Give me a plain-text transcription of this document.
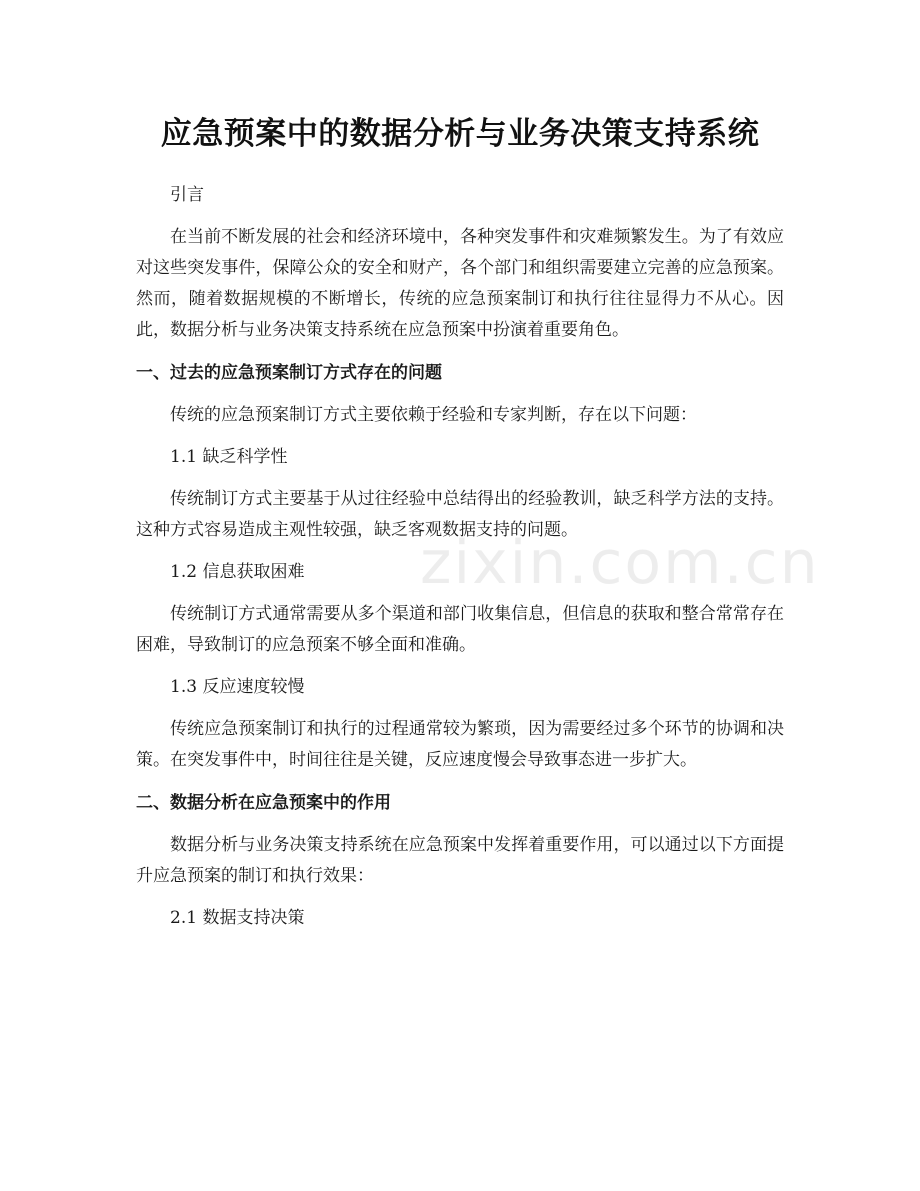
应急预案中的数据分析与业务决策支持系统

引言

在当前不断发展的社会和经济环境中，各种突发事件和灾难频繁发生。为了有效应对这些突发事件，保障公众的安全和财产，各个部门和组织需要建立完善的应急预案。然而，随着数据规模的不断增长，传统的应急预案制订和执行往往显得力不从心。因此，数据分析与业务决策支持系统在应急预案中扮演着重要角色。

一、过去的应急预案制订方式存在的问题

传统的应急预案制订方式主要依赖于经验和专家判断，存在以下问题：

1.1 缺乏科学性

传统制订方式主要基于从过往经验中总结得出的经验教训，缺乏科学方法的支持。这种方式容易造成主观性较强，缺乏客观数据支持的问题。

1.2 信息获取困难

传统制订方式通常需要从多个渠道和部门收集信息，但信息的获取和整合常常存在困难，导致制订的应急预案不够全面和准确。

1.3 反应速度较慢

传统应急预案制订和执行的过程通常较为繁琐，因为需要经过多个环节的协调和决策。在突发事件中，时间往往是关键，反应速度慢会导致事态进一步扩大。

二、数据分析在应急预案中的作用

数据分析与业务决策支持系统在应急预案中发挥着重要作用，可以通过以下方面提升应急预案的制订和执行效果：

2.1 数据支持决策

zixin.com.cn
